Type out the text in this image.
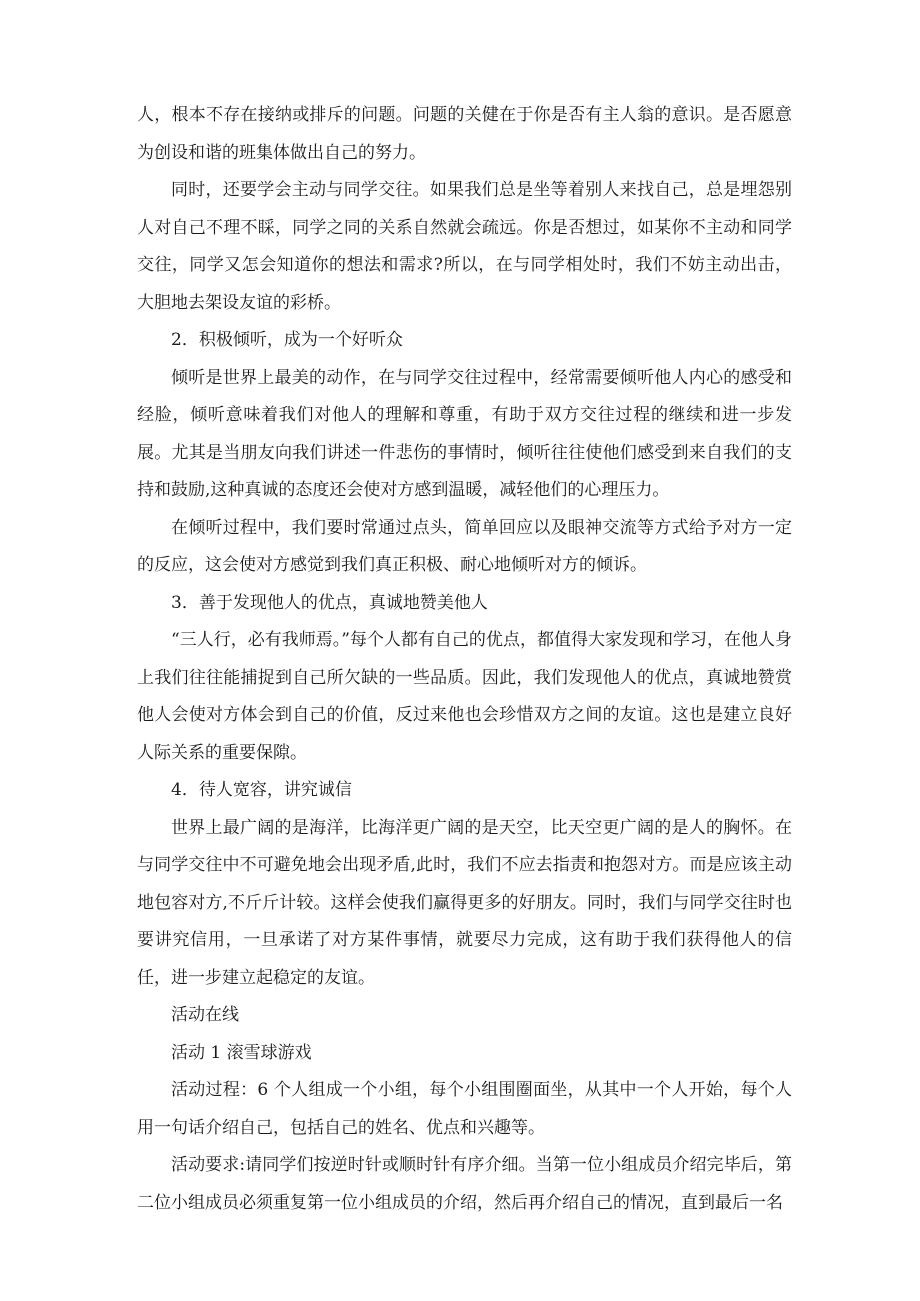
人，根本不存在接纳或排斥的问题。问题的关健在于你是否有主人翁的意识。是否愿意为创设和谐的班集体做出自己的努力。

同时，还要学会主动与同学交往。如果我们总是坐等着别人来找自己，总是埋怨别人对自己不理不睬，同学之同的关系自然就会疏远。你是否想过，如某你不主动和同学交往，同学又怎会知道你的想法和需求?所以，在与同学相处时，我们不妨主动出击，大胆地去架设友谊的彩桥。

2．积极倾听，成为一个好听众

倾听是世界上最美的动作，在与同学交往过程中，经常需要倾听他人内心的感受和经脸，倾听意味着我们对他人的理解和尊重，有助于双方交往过程的继续和进一步发展。尤其是当朋友向我们讲述一件悲伤的事情时，倾听往往使他们感受到来自我们的支持和鼓励,这种真诚的态度还会使对方感到温暖，减轻他们的心理压力。

在倾听过程中，我们要时常通过点头，简单回应以及眼神交流等方式给予对方一定的反应，这会使对方感觉到我们真正积极、耐心地倾听对方的倾诉。

3．善于发现他人的优点，真诚地赞美他人

“三人行，必有我师焉。”每个人都有自己的优点，都值得大家发现和学习，在他人身上我们往往能捕捉到自己所欠缺的一些品质。因此，我们发现他人的优点，真诚地赞赏他人会使对方体会到自己的价值，反过来他也会珍惜双方之间的友谊。这也是建立良好人际关系的重要保隙。

4．待人宽容，讲究诚信

世界上最广阔的是海洋，比海洋更广阔的是天空，比天空更广阔的是人的胸怀。在与同学交往中不可避免地会出现矛盾,此时，我们不应去指责和抱怨对方。而是应该主动地包容对方,不斤斤计较。这样会使我们赢得更多的好朋友。同时，我们与同学交往时也要讲究信用，一旦承诺了对方某件事情，就要尽力完成，这有助于我们获得他人的信任，进一步建立起稳定的友谊。

活动在线

活动 1 滚雪球游戏

活动过程：6 个人组成一个小组，每个小组围圈面坐，从其中一个人开始，每个人用一句话介绍自己，包括自己的姓名、优点和兴趣等。

活动要求:请同学们按逆时针或顺时针有序介细。当第一位小组成员介绍完毕后，第二位小组成员必须重复第一位小组成员的介绍，然后再介绍自己的情况，直到最后一名
